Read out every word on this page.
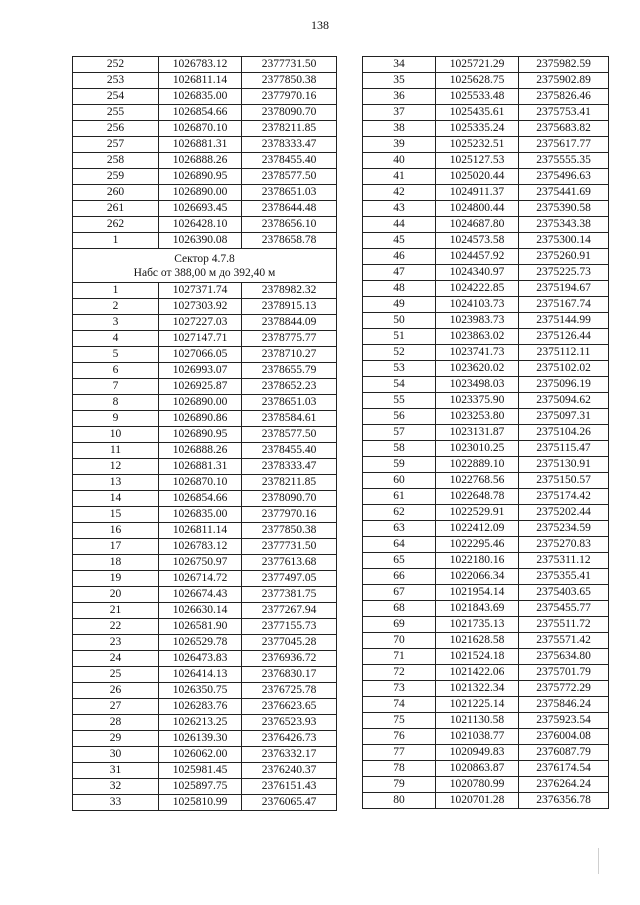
138
252	1026783.12	2377731.50
253	1026811.14	2377850.38
254	1026835.00	2377970.16
255	1026854.66	2378090.70
256	1026870.10	2378211.85
257	1026881.31	2378333.47
258	1026888.26	2378455.40
259	1026890.95	2378577.50
260	1026890.00	2378651.03
261	1026693.45	2378644.48
262	1026428.10	2378656.10
1	1026390.08	2378658.78

Сектор 4.7.8
Набс от 388,00 м до 392,40 м		

1	1027371.74	2378982.32
2	1027303.92	2378915.13
3	1027227.03	2378844.09
4	1027147.71	2378775.77
5	1027066.05	2378710.27
6	1026993.07	2378655.79
7	1026925.87	2378652.23
8	1026890.00	2378651.03
9	1026890.86	2378584.61
10	1026890.95	2378577.50
11	1026888.26	2378455.40
12	1026881.31	2378333.47
13	1026870.10	2378211.85
14	1026854.66	2378090.70
15	1026835.00	2377970.16
16	1026811.14	2377850.38
17	1026783.12	2377731.50
18	1026750.97	2377613.68
19	1026714.72	2377497.05
20	1026674.43	2377381.75
21	1026630.14	2377267.94
22	1026581.90	2377155.73
23	1026529.78	2377045.28
24	1026473.83	2376936.72
25	1026414.13	2376830.17
26	1026350.75	2376725.78
27	1026283.76	2376623.65
28	1026213.25	2376523.93
29	1026139.30	2376426.73
30	1026062.00	2376332.17
31	1025981.45	2376240.37
32	1025897.75	2376151.43
33	1025810.99	2376065.47
34	1025721.29	2375982.59
35	1025628.75	2375902.89
36	1025533.48	2375826.46
37	1025435.61	2375753.41
38	1025335.24	2375683.82
39	1025232.51	2375617.77
40	1025127.53	2375555.35
41	1025020.44	2375496.63
42	1024911.37	2375441.69
43	1024800.44	2375390.58
44	1024687.80	2375343.38
45	1024573.58	2375300.14
46	1024457.92	2375260.91
47	1024340.97	2375225.73
48	1024222.85	2375194.67
49	1024103.73	2375167.74
50	1023983.73	2375144.99
51	1023863.02	2375126.44
52	1023741.73	2375112.11
53	1023620.02	2375102.02
54	1023498.03	2375096.19
55	1023375.90	2375094.62
56	1023253.80	2375097.31
57	1023131.87	2375104.26
58	1023010.25	2375115.47
59	1022889.10	2375130.91
60	1022768.56	2375150.57
61	1022648.78	2375174.42
62	1022529.91	2375202.44
63	1022412.09	2375234.59
64	1022295.46	2375270.83
65	1022180.16	2375311.12
66	1022066.34	2375355.41
67	1021954.14	2375403.65
68	1021843.69	2375455.77
69	1021735.13	2375511.72
70	1021628.58	2375571.42
71	1021524.18	2375634.80
72	1021422.06	2375701.79
73	1021322.34	2375772.29
74	1021225.14	2375846.24
75	1021130.58	2375923.54
76	1021038.77	2376004.08
77	1020949.83	2376087.79
78	1020863.87	2376174.54
79	1020780.99	2376264.24
80	1020701.28	2376356.78
